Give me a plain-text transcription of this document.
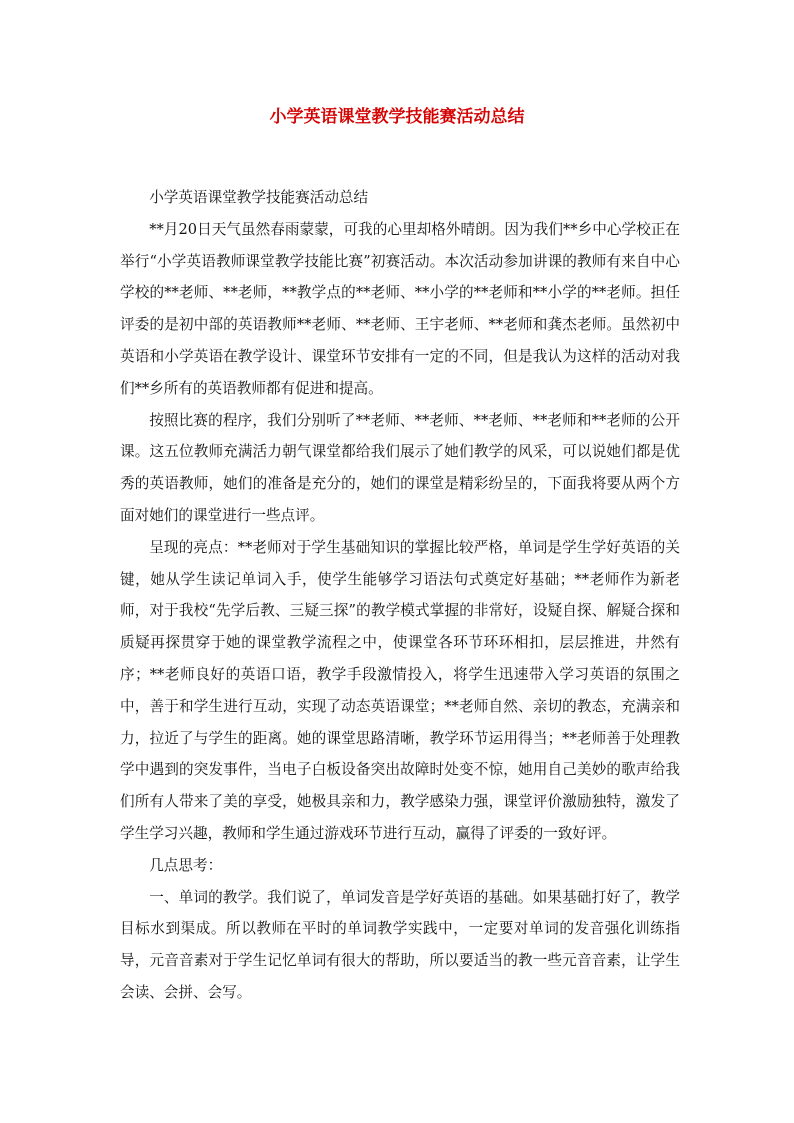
小学英语课堂教学技能赛活动总结

小学英语课堂教学技能赛活动总结

**月20日天气虽然春雨蒙蒙，可我的心里却格外晴朗。因为我们**乡中心学校正在举行“小学英语教师课堂教学技能比赛”初赛活动。本次活动参加讲课的教师有来自中心学校的**老师、**老师，**教学点的**老师、**小学的**老师和**小学的**老师。担任评委的是初中部的英语教师**老师、**老师、王宇老师、**老师和龚杰老师。虽然初中英语和小学英语在教学设计、课堂环节安排有一定的不同，但是我认为这样的活动对我们**乡所有的英语教师都有促进和提高。

按照比赛的程序，我们分别听了**老师、**老师、**老师、**老师和**老师的公开课。这五位教师充满活力朝气课堂都给我们展示了她们教学的风采，可以说她们都是优秀的英语教师，她们的准备是充分的，她们的课堂是精彩纷呈的，下面我将要从两个方面对她们的课堂进行一些点评。

呈现的亮点：**老师对于学生基础知识的掌握比较严格，单词是学生学好英语的关键，她从学生读记单词入手，使学生能够学习语法句式奠定好基础；**老师作为新老师，对于我校“先学后教、三疑三探”的教学模式掌握的非常好，设疑自探、解疑合探和质疑再探贯穿于她的课堂教学流程之中，使课堂各环节环环相扣，层层推进，井然有序；**老师良好的英语口语，教学手段激情投入，将学生迅速带入学习英语的氛围之中，善于和学生进行互动，实现了动态英语课堂；**老师自然、亲切的教态，充满亲和力，拉近了与学生的距离。她的课堂思路清晰，教学环节运用得当；**老师善于处理教学中遇到的突发事件，当电子白板设备突出故障时处变不惊，她用自己美妙的歌声给我们所有人带来了美的享受，她极具亲和力，教学感染力强，课堂评价激励独特，激发了学生学习兴趣，教师和学生通过游戏环节进行互动，赢得了评委的一致好评。

几点思考：

一、单词的教学。我们说了，单词发音是学好英语的基础。如果基础打好了，教学目标水到渠成。所以教师在平时的单词教学实践中，一定要对单词的发音强化训练指导，元音音素对于学生记忆单词有很大的帮助，所以要适当的教一些元音音素，让学生会读、会拼、会写。
